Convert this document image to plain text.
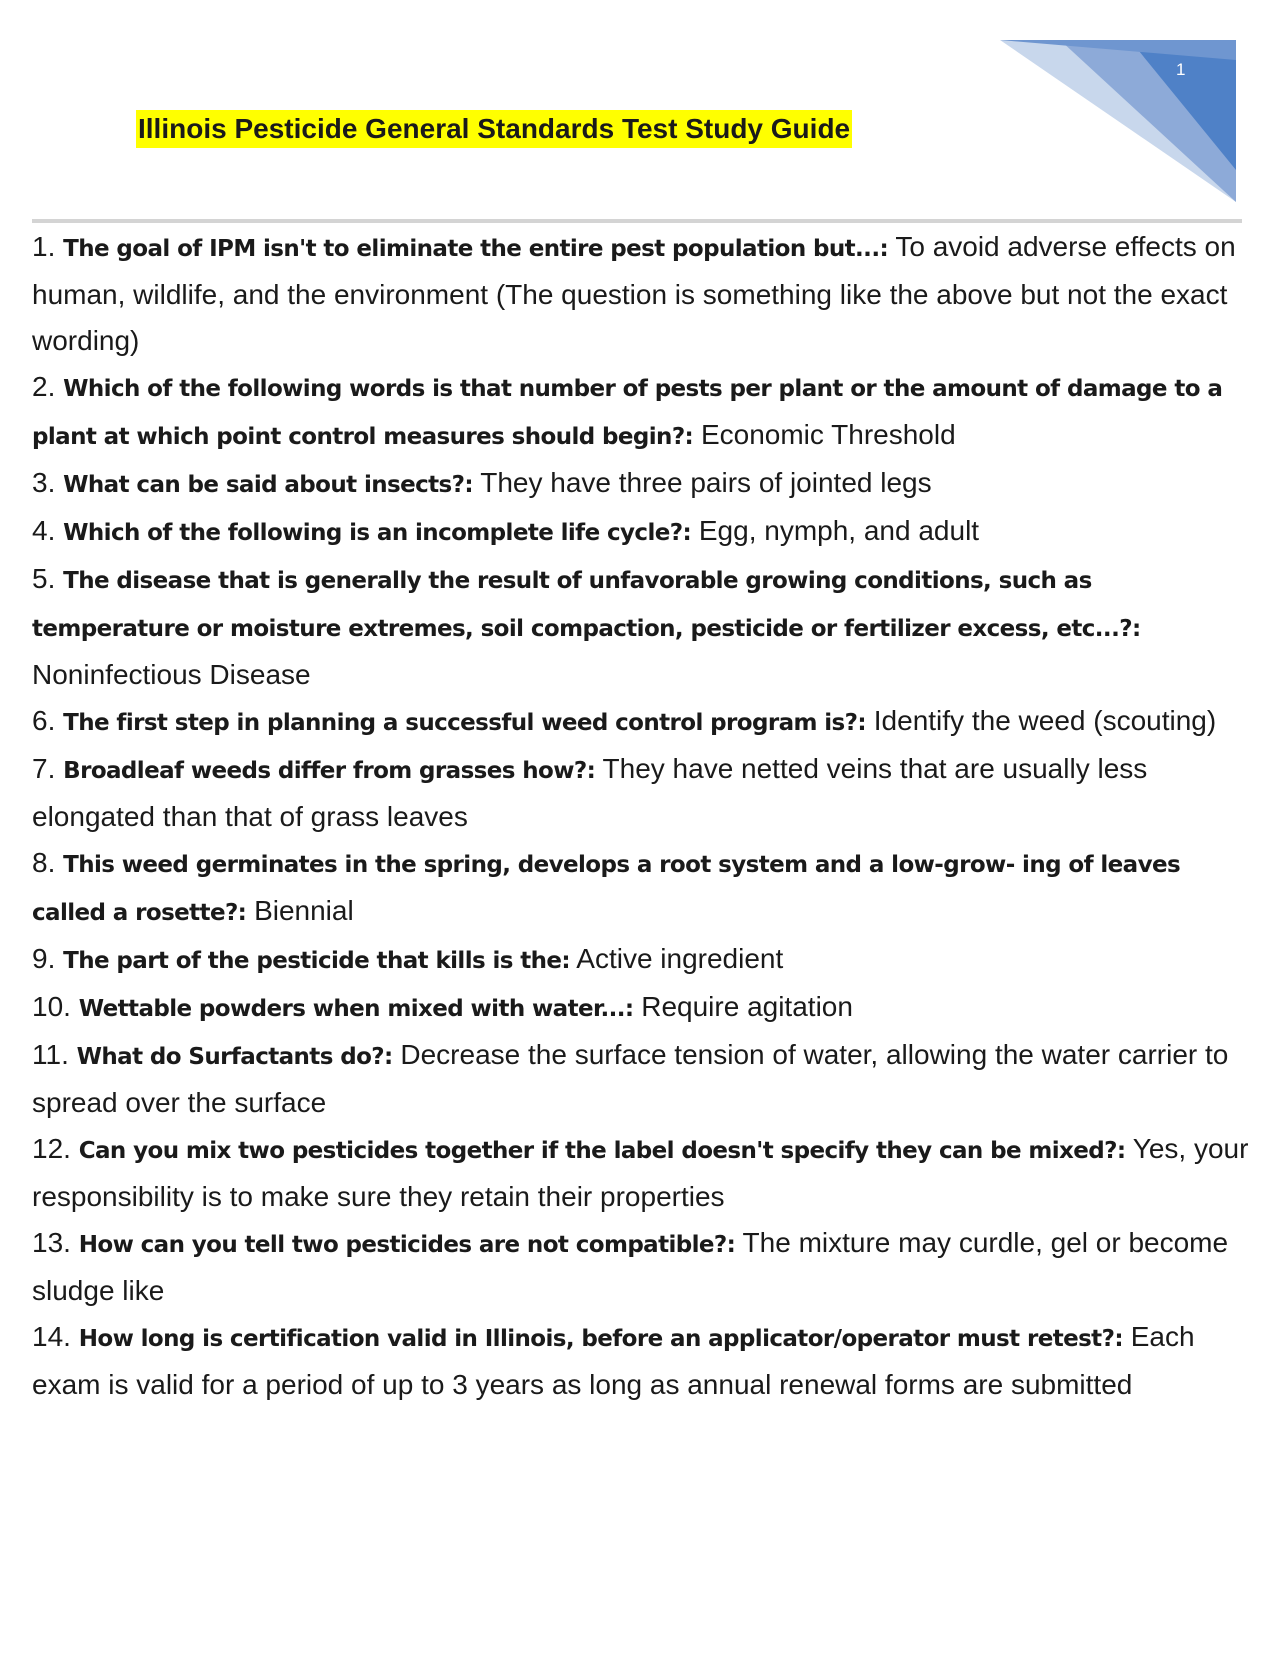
1
Illinois Pesticide General Standards Test Study Guide

1. The goal of IPM isn't to eliminate the entire pest population but...: To avoid adverse effects on human, wildlife, and the environment (The question is something like the above but not the exact wording)

2. Which of the following words is that number of pests per plant or the amount of damage to a plant at which point control measures should begin?: Economic Threshold

3. What can be said about insects?: They have three pairs of jointed legs

4. Which of the following is an incomplete life cycle?: Egg, nymph, and adult

5. The disease that is generally the result of unfavorable growing conditions, such as temperature or moisture extremes, soil compaction, pesticide or fertilizer excess, etc...?: Noninfectious Disease

6. The first step in planning a successful weed control program is?: Identify the weed (scouting)

7. Broadleaf weeds differ from grasses how?: They have netted veins that are usually less elongated than that of grass leaves

8. This weed germinates in the spring, develops a root system and a low-grow- ing of leaves called a rosette?: Biennial

9. The part of the pesticide that kills is the: Active ingredient

10. Wettable powders when mixed with water...: Require agitation

11. What do Surfactants do?: Decrease the surface tension of water, allowing the water carrier to spread over the surface

12. Can you mix two pesticides together if the label doesn't specify they can be mixed?: Yes, your responsibility is to make sure they retain their properties

13. How can you tell two pesticides are not compatible?: The mixture may curdle, gel or become sludge like

14. How long is certification valid in Illinois, before an applicator/operator must retest?: Each exam is valid for a period of up to 3 years as long as annual renewal forms are submitted
